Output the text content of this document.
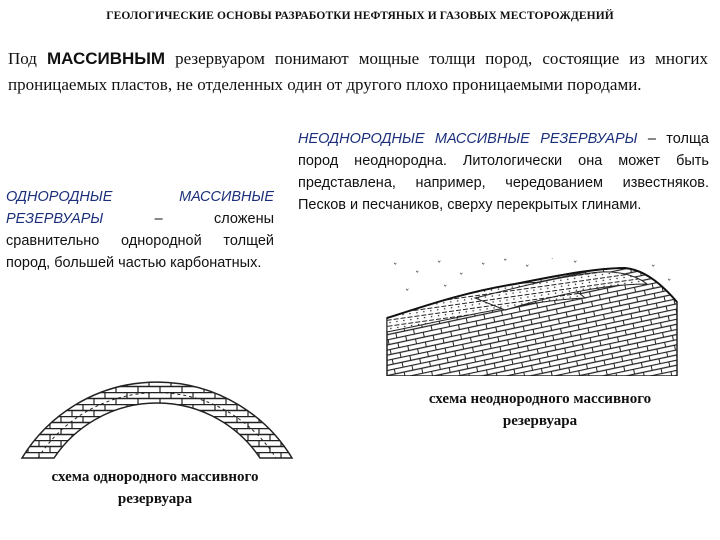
ГЕОЛОГИЧЕСКИЕ ОСНОВЫ РАЗРАБОТКИ НЕФТЯНЫХ И ГАЗОВЫХ МЕСТОРОЖДЕНИЙ
Под МАССИВНЫМ резервуаром понимают мощные толщи пород, состоящие из многих проницаемых пластов, не отделенных один от другого плохо проницаемыми породами.
ОДНОРОДНЫЕ МАССИВНЫЕ РЕЗЕРВУАРЫ – сложены сравнительно однородной толщей пород, большей частью карбонатных.
НЕОДНОРОДНЫЕ МАССИВНЫЕ РЕЗЕРВУАРЫ – толща пород неоднородна. Литологически она может быть представлена, например, чередованием известняков. Песков и песчаников, сверху перекрытых глинами.
ˇ
ˇ
ˇ
ˇ
ˇ ˇ
ˇ
ˇ ˇ	ˇ
ˇ
ˇ	ˇ
схема однородного массивного резервуара
схема неоднородного массивного резервуара
